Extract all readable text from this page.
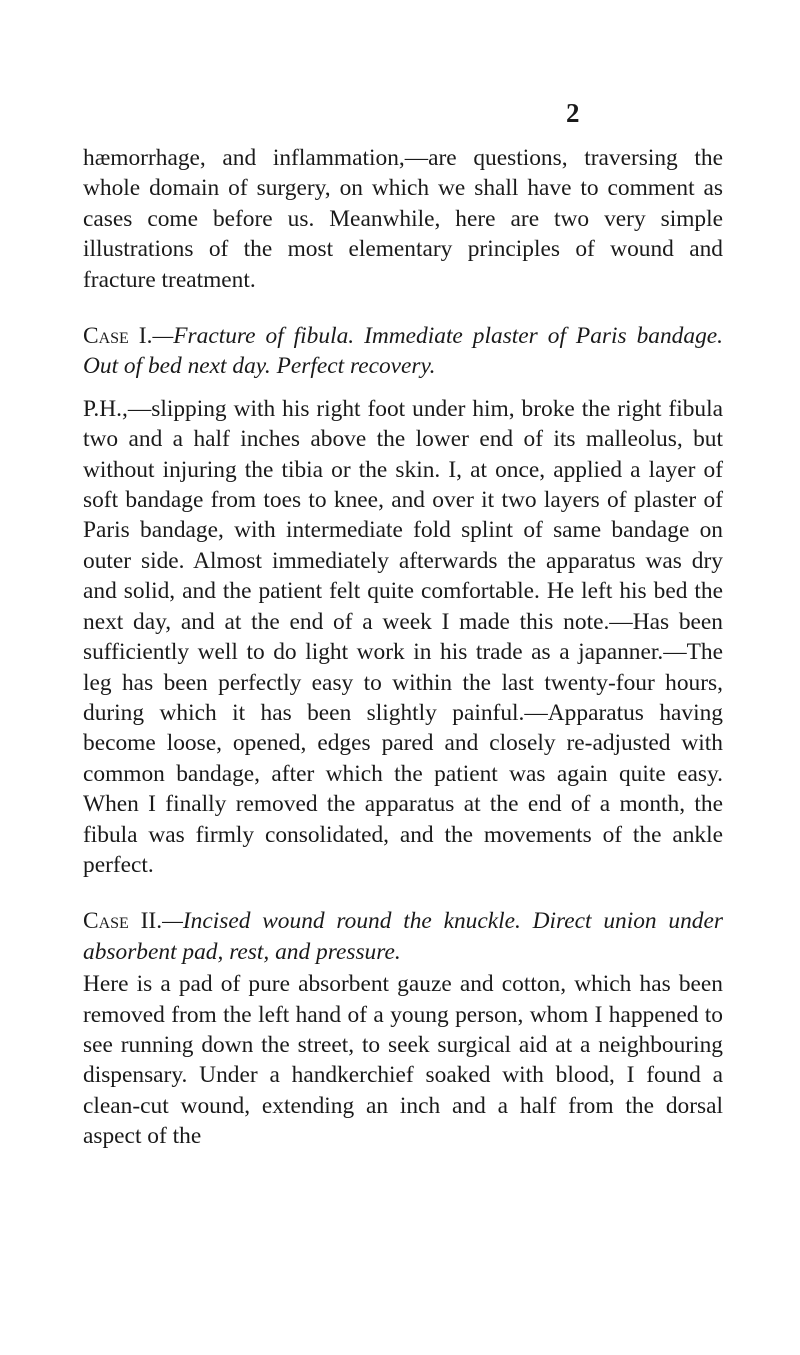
2

hæmorrhage, and inflammation,—are questions, traversing the whole domain of surgery, on which we shall have to comment as cases come before us. Meanwhile, here are two very simple illustrations of the most elementary principles of wound and fracture treatment.

Case I.—Fracture of fibula. Immediate plaster of Paris bandage. Out of bed next day. Perfect recovery.

P.H.,—slipping with his right foot under him, broke the right fibula two and a half inches above the lower end of its malleolus, but without injuring the tibia or the skin. I, at once, applied a layer of soft bandage from toes to knee, and over it two layers of plaster of Paris bandage, with intermediate fold splint of same bandage on outer side. Almost immediately afterwards the apparatus was dry and solid, and the patient felt quite comfortable. He left his bed the next day, and at the end of a week I made this note.—Has been sufficiently well to do light work in his trade as a japanner.—The leg has been perfectly easy to within the last twenty-four hours, during which it has been slightly painful.—Apparatus having become loose, opened, edges pared and closely re-adjusted with common bandage, after which the patient was again quite easy. When I finally removed the apparatus at the end of a month, the fibula was firmly consolidated, and the movements of the ankle perfect.

Case II.—Incised wound round the knuckle. Direct union under absorbent pad, rest, and pressure.

Here is a pad of pure absorbent gauze and cotton, which has been removed from the left hand of a young person, whom I happened to see running down the street, to seek surgical aid at a neighbouring dispensary. Under a handkerchief soaked with blood, I found a clean-cut wound, extending an inch and a half from the dorsal aspect of the
